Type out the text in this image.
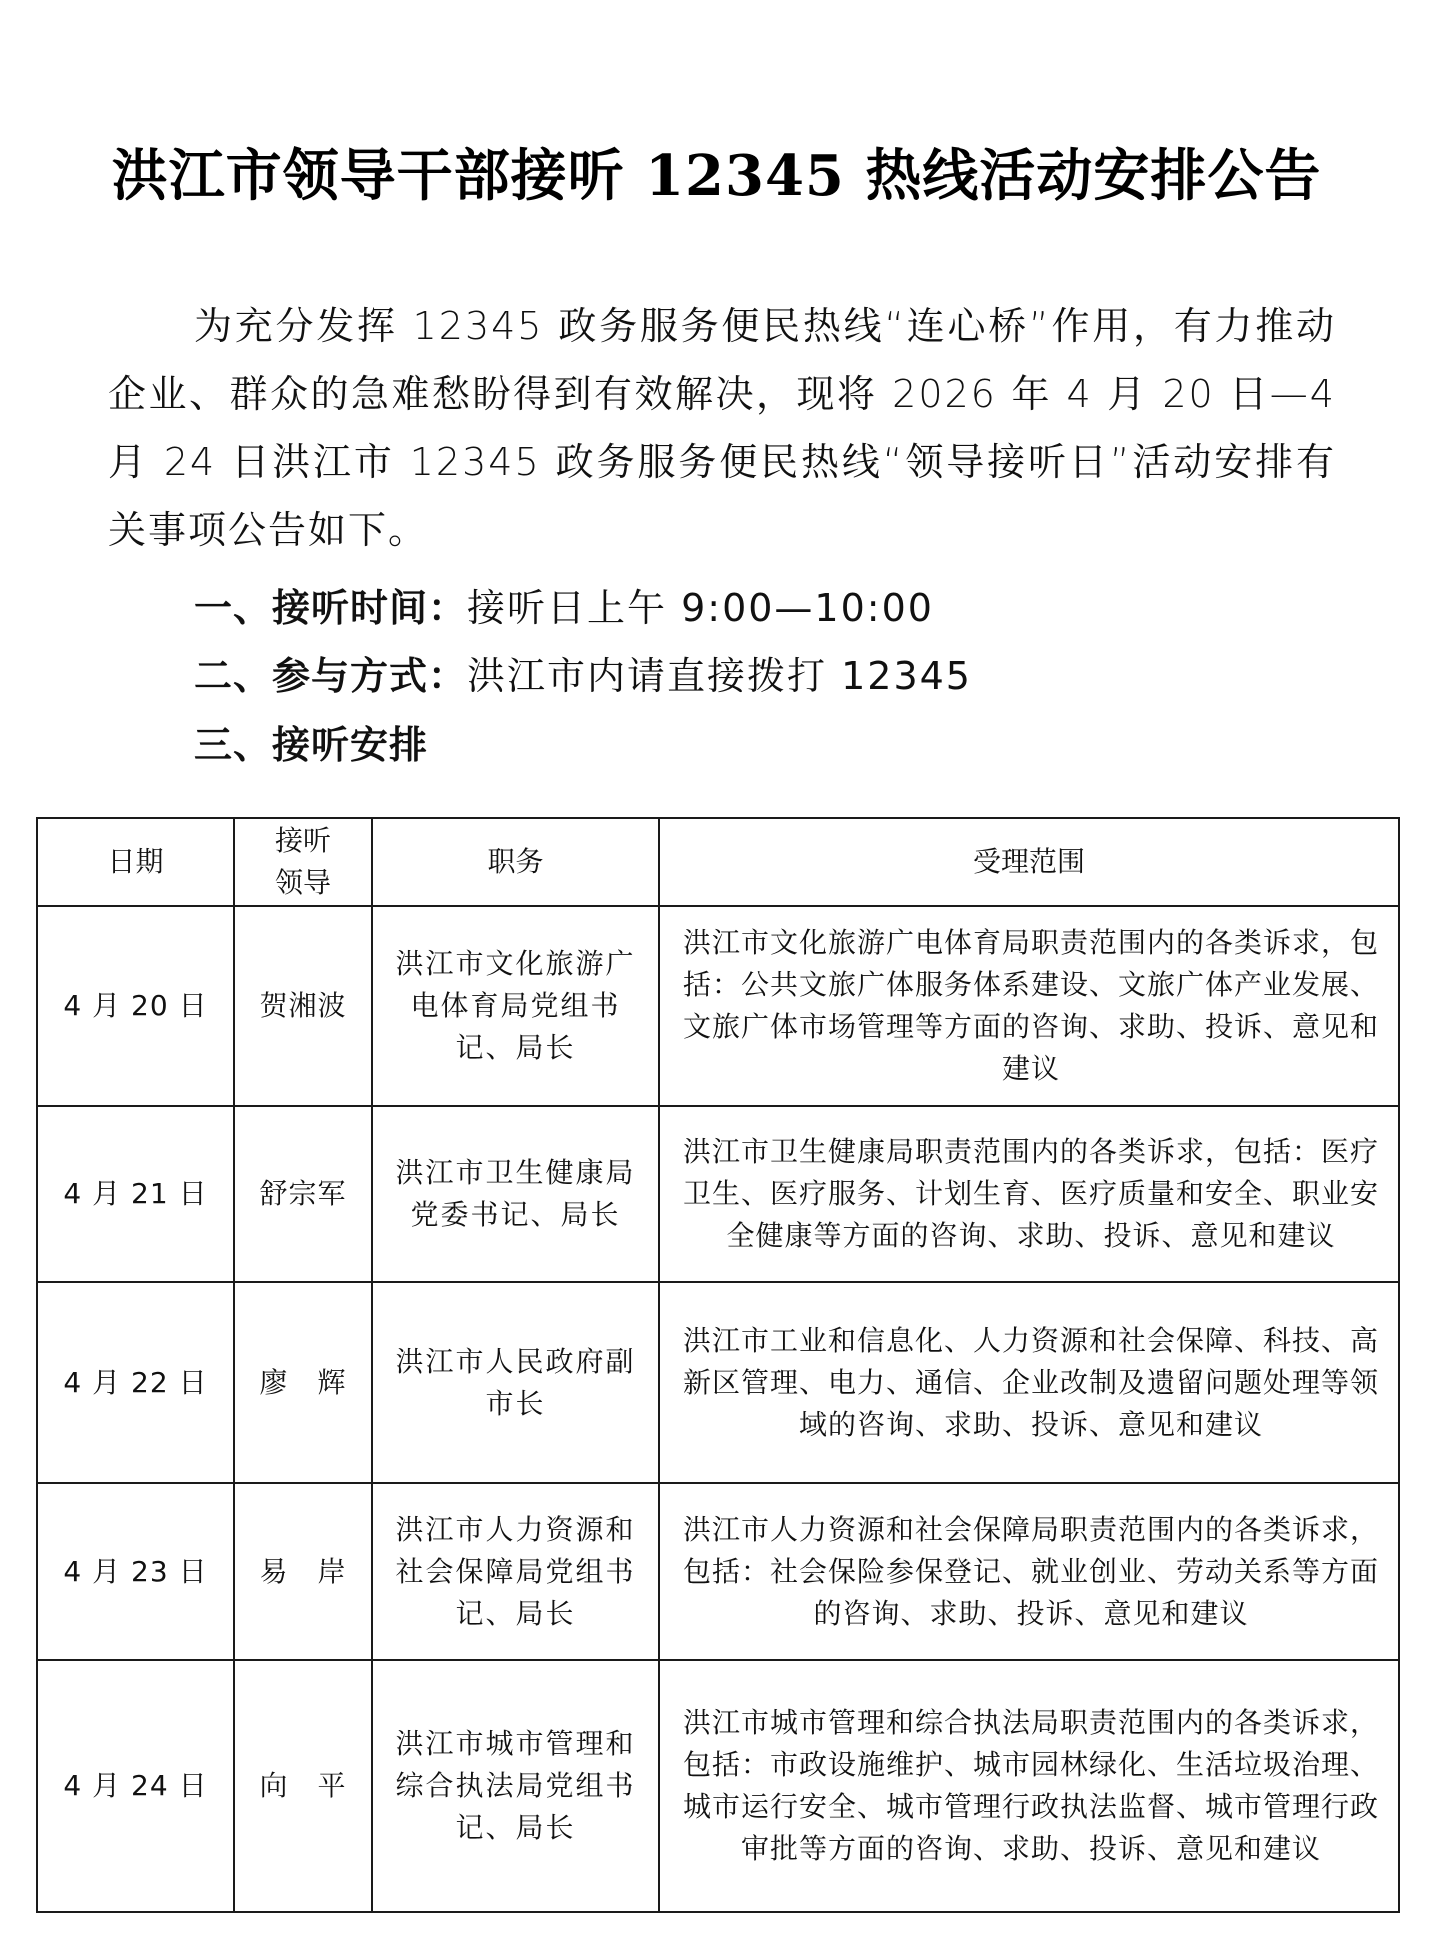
洪江市领导干部接听 12345 热线活动安排公告

为充分发挥 12345 政务服务便民热线“连心桥”作用，有力推动企业、群众的急难愁盼得到有效解决，现将 2026 年 4 月 20 日—4 月 24 日洪江市 12345 政务服务便民热线“领导接听日”活动安排有关事项公告如下。

一、接听时间：接听日上午 9:00—10:00
二、参与方式：洪江市内请直接拨打 12345
三、接听安排
日期	接听领导	职务	受理范围
4 月 20 日	贺湘波	洪江市文化旅游广电体育局党组书记、局长	洪江市文化旅游广电体育局职责范围内的各类诉求，包括：公共文旅广体服务体系建设、文旅广体产业发展、文旅广体市场管理等方面的咨询、求助、投诉、意见和建议
4 月 21 日	舒宗军	洪江市卫生健康局党委书记、局长	洪江市卫生健康局职责范围内的各类诉求，包括：医疗卫生、医疗服务、计划生育、医疗质量和安全、职业安全健康等方面的咨询、求助、投诉、意见和建议
4 月 22 日	廖　辉	洪江市人民政府副市长	洪江市工业和信息化、人力资源和社会保障、科技、高新区管理、电力、通信、企业改制及遗留问题处理等领域的咨询、求助、投诉、意见和建议
4 月 23 日	易　岸	洪江市人力资源和社会保障局党组书记、局长	洪江市人力资源和社会保障局职责范围内的各类诉求，包括：社会保险参保登记、就业创业、劳动关系等方面的咨询、求助、投诉、意见和建议
4 月 24 日	向　平	洪江市城市管理和综合执法局党组书记、局长	洪江市城市管理和综合执法局职责范围内的各类诉求，包括：市政设施维护、城市园林绿化、生活垃圾治理、城市运行安全、城市管理行政执法监督、城市管理行政审批等方面的咨询、求助、投诉、意见和建议
